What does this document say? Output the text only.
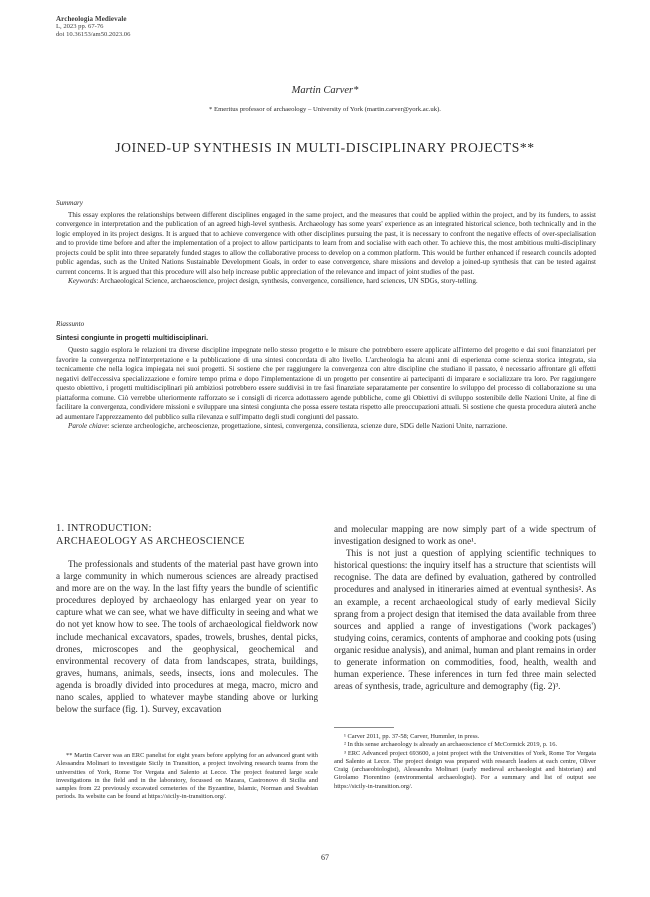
Archeologia Medievale
L, 2023 pp. 67-76
doi 10.36153/am50.2023.06
Martin Carver*
* Emeritus professor of archaeology – University of York (martin.carver@york.ac.uk).
JOINED-UP SYNTHESIS IN MULTI-DISCIPLINARY PROJECTS**
Summary

This essay explores the relationships between different disciplines engaged in the same project, and the measures that could be applied within the project, and by its funders, to assist convergence in interpretation and the publication of an agreed high-level synthesis. Archaeology has some years' experience as an integrated historical science, both technically and in the logic employed in its project designs. It is argued that to achieve convergence with other disciplines pursuing the past, it is necessary to confront the negative effects of over-specialisation and to provide time before and after the implementation of a project to allow participants to learn from and socialise with each other. To achieve this, the most ambitious multi-disciplinary projects could be split into three separately funded stages to allow the collaborative process to develop on a common platform. This would be further enhanced if research councils adopted public agendas, such as the United Nations Sustainable Development Goals, in order to ease convergence, share missions and develop a joined-up synthesis that can be tested against current concerns. It is argued that this procedure will also help increase public appreciation of the relevance and impact of joint studies of the past.

Keywords: Archaeological Science, archaeoscience, project design, synthesis, convergence, consilience, hard sciences, UN SDGs, story-telling.

Riassunto
Sintesi congiunte in progetti multidisciplinari.

Questo saggio esplora le relazioni tra diverse discipline impegnate nello stesso progetto e le misure che potrebbero essere applicate all'interno del progetto e dai suoi finanziatori per favorire la convergenza nell'interpretazione e la pubblicazione di una sintesi concordata di alto livello. L'archeologia ha alcuni anni di esperienza come scienza storica integrata, sia tecnicamente che nella logica impiegata nei suoi progetti. Si sostiene che per raggiungere la convergenza con altre discipline che studiano il passato, è necessario affrontare gli effetti negativi dell'eccessiva specializzazione e fornire tempo prima e dopo l'implementazione di un progetto per consentire ai partecipanti di imparare e socializzare tra loro. Per raggiungere questo obiettivo, i progetti multidisciplinari più ambiziosi potrebbero essere suddivisi in tre fasi finanziate separatamente per consentire lo sviluppo del processo di collaborazione su una piattaforma comune. Ciò verrebbe ulteriormente rafforzato se i consigli di ricerca adottassero agende pubbliche, come gli Obiettivi di sviluppo sostenibile delle Nazioni Unite, al fine di facilitare la convergenza, condividere missioni e sviluppare una sintesi congiunta che possa essere testata rispetto alle preoccupazioni attuali. Si sostiene che questa procedura aiuterà anche ad aumentare l'apprezzamento del pubblico sulla rilevanza e sull'impatto degli studi congiunti del passato.

Parole chiave: scienze archeologiche, archeoscienze, progettazione, sintesi, convergenza, consilienza, scienze dure, SDG delle Nazioni Unite, narrazione.

1. INTRODUCTION:
ARCHAEOLOGY AS ARCHEOSCIENCE

The professionals and students of the material past have grown into a large community in which numerous sciences are already practised and more are on the way. In the last fifty years the bundle of scientific procedures deployed by archaeology has enlarged year on year to capture what we can see, what we have difficulty in seeing and what we do not yet know how to see. The tools of archaeological fieldwork now include mechanical excavators, spades, trowels, brushes, dental picks, drones, microscopes and the geophysical, geochemical and environmental recovery of data from landscapes, strata, buildings, graves, humans, animals, seeds, insects, ions and molecules. The agenda is broadly divided into procedures at mega, macro, micro and nano scales, applied to whatever maybe standing above or lurking below the surface (fig. 1). Survey, excavation

and molecular mapping are now simply part of a wide spectrum of investigation designed to work as one¹.

This is not just a question of applying scientific techniques to historical questions: the inquiry itself has a structure that scientists will recognise. The data are defined by evaluation, gathered by controlled procedures and analysed in itineraries aimed at eventual synthesis². As an example, a recent archaeological study of early medieval Sicily sprang from a project design that itemised the data available from three sources and applied a range of investigations ('work packages') studying coins, ceramics, contents of amphorae and cooking pots (using organic residue analysis), and animal, human and plant remains in order to generate information on commodities, food, health, wealth and human experience. These inferences in turn fed three main selected areas of synthesis, trade, agriculture and demography (fig. 2)³.

** Martin Carver was an ERC panelist for eight years before applying for an advanced grant with Alessandra Molinari to investigate Sicily in Transition, a project involving research teams from the universities of York, Rome Tor Vergata and Salento at Lecce. The project featured large scale investigations in the field and in the laboratory, focussed on Mazara, Castronovo di Sicilia and samples from 22 previously excavated cemeteries of the Byzantine, Islamic, Norman and Swabian periods. Its website can be found at https://sicily-in-transition.org/.

¹ Carver 2011, pp. 37-58; Carver, Hummler, in press.

² In this sense archaeology is already an archaeoscience cf McCormick 2019, p. 16.

³ ERC Advanced project 693600, a joint project with the Universities of York, Rome Tor Vergata and Salento at Lecce. The project design was prepared with research leaders at each centre, Oliver Craig (archaeobiologist), Alessandra Molinari (early medieval archaeologist and historian) and Girolamo Fiorentino (environmental archaeologist). For a summary and list of output see https://sicily-in-transition.org/.

67
